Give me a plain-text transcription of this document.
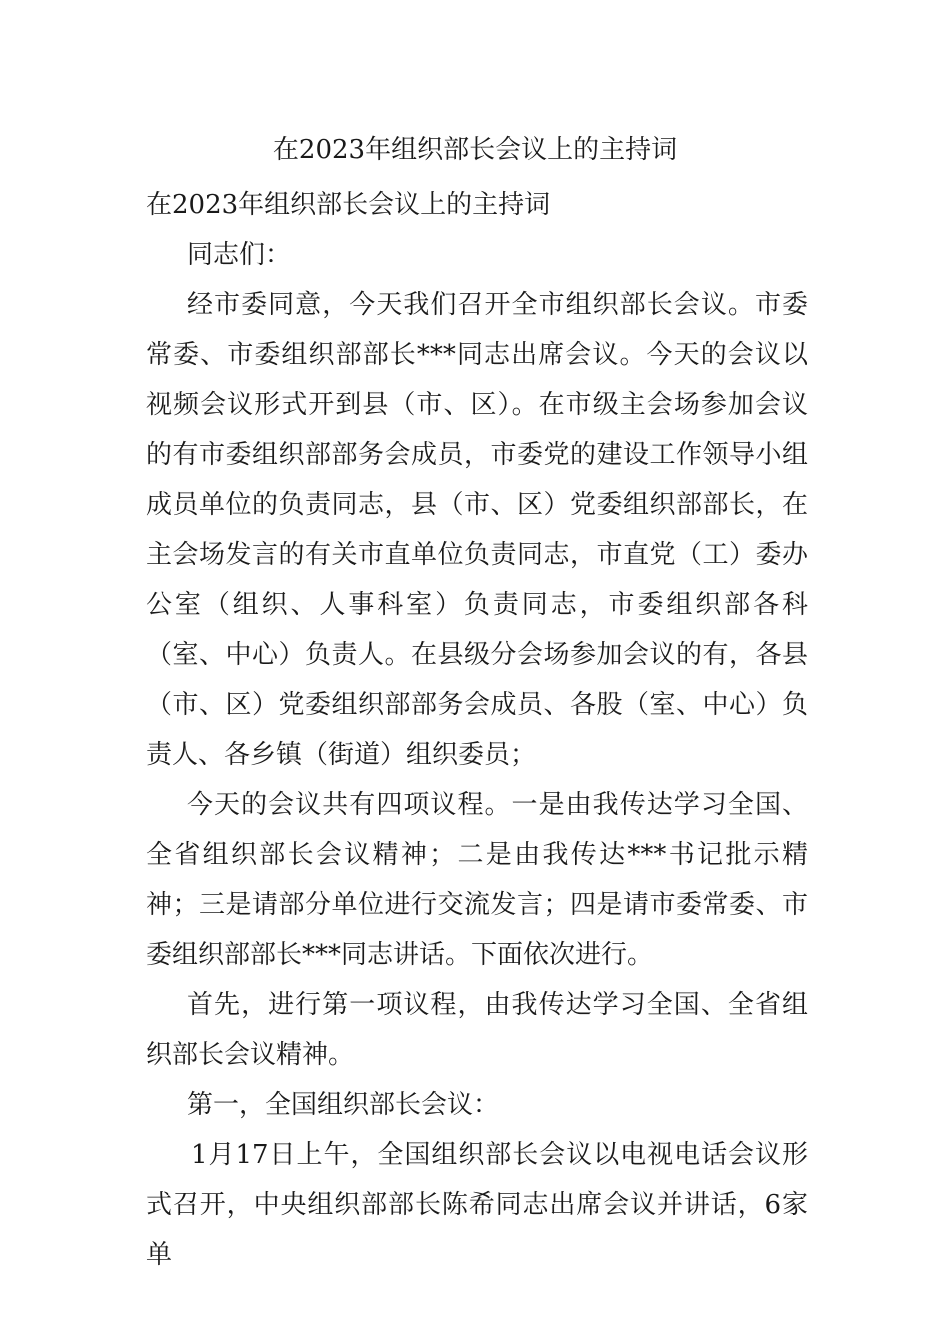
在2023年组织部长会议上的主持词

在2023年组织部长会议上的主持词

同志们：

经市委同意，今天我们召开全市组织部长会议。市委常委、市委组织部部长***同志出席会议。今天的会议以视频会议形式开到县（市、区）。在市级主会场参加会议的有市委组织部部务会成员，市委党的建设工作领导小组成员单位的负责同志，县（市、区）党委组织部部长，在主会场发言的有关市直单位负责同志，市直党（工）委办公室（组织、人事科室）负责同志，市委组织部各科（室、中心）负责人。在县级分会场参加会议的有，各县（市、区）党委组织部部务会成员、各股（室、中心）负责人、各乡镇（街道）组织委员；

今天的会议共有四项议程。一是由我传达学习全国、全省组织部长会议精神；二是由我传达***书记批示精神；三是请部分单位进行交流发言；四是请市委常委、市委组织部部长***同志讲话。下面依次进行。

首先，进行第一项议程，由我传达学习全国、全省组织部长会议精神。

第一，全国组织部长会议：

1月17日上午，全国组织部长会议以电视电话会议形式召开，中央组织部部长陈希同志出席会议并讲话，6家单
